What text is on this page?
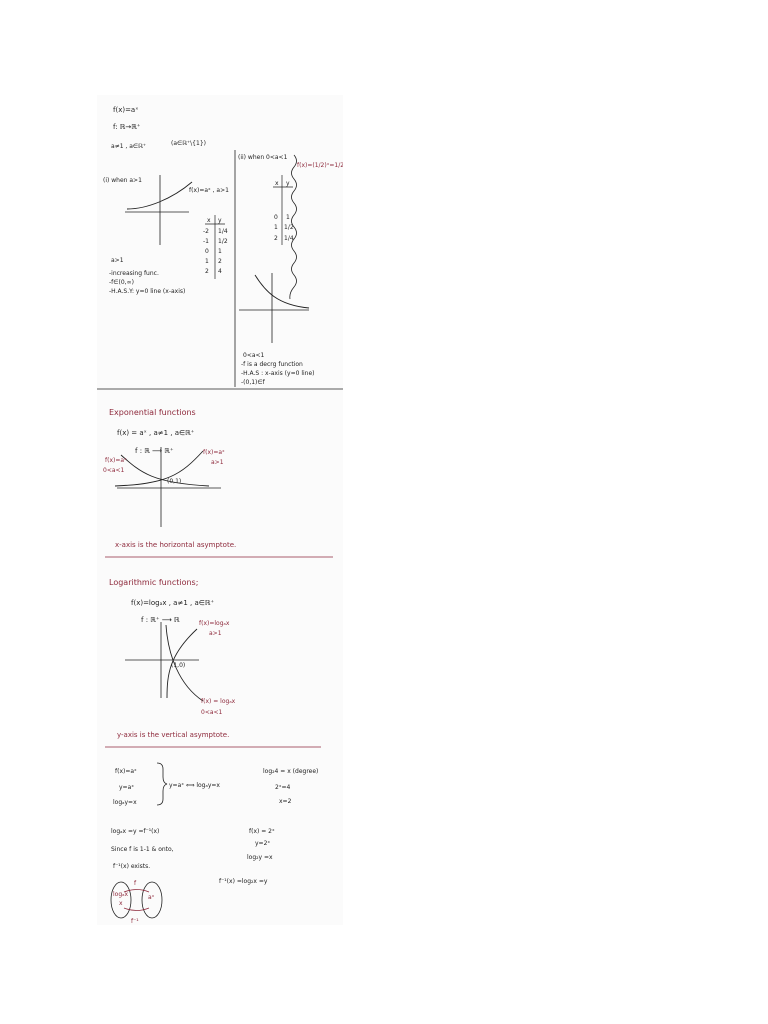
f(x)=aˣ
f: ℝ→ℝ⁺
a≠1 , a∈ℝ⁺	(a∈ℝ⁺\{1})
(i) when a>1
f(x)=aˣ , a>1
x y
-2 1/4
-1 1/2
0 1
1 2
2 4
a>1
-increasing func.
-f∈(0,∞)
-H.A.S.Y: y=0 line (x-axis)
(ii) when 0<a<1
f(x)=(1/2)ˣ=1/2ˣ
x y
0 1
1 1/2
2 1/4
0<a<1
-f is a decrg function
-H.A.S : x-axis (y=0 line)
-(0,1)∈f
Exponential functions
f(x) = aˣ , a≠1 , a∈ℝ⁺
f : ℝ ⟶ ℝ⁺
f(x)=aˣ
0<a<1
f(x)=aˣ
a>1
(0,1)
x-axis is the horizontal asymptote.
Logarithmic functions;
f(x)=logₐx , a≠1 , a∈ℝ⁺
f : ℝ⁺ ⟶ ℝ	f(x)=logₐx
a>1
(1,0)
f(x) = logₐx
0<a<1
y-axis is the vertical asymptote.
f(x)=aˣ
y=aˣ
logₐy=x
y=aˣ ⟺ logₐy=x
log₂4 = x (degree)
2ˣ=4
x=2
logₐx =y =f⁻¹(x)
Since f is 1-1 & onto,
f⁻¹(x) exists.
f(x) = 2ˣ
y=2ˣ
log₂y =x
f⁻¹(x) =log₂x =y
logₐx
x
aˣ
f
f⁻¹
